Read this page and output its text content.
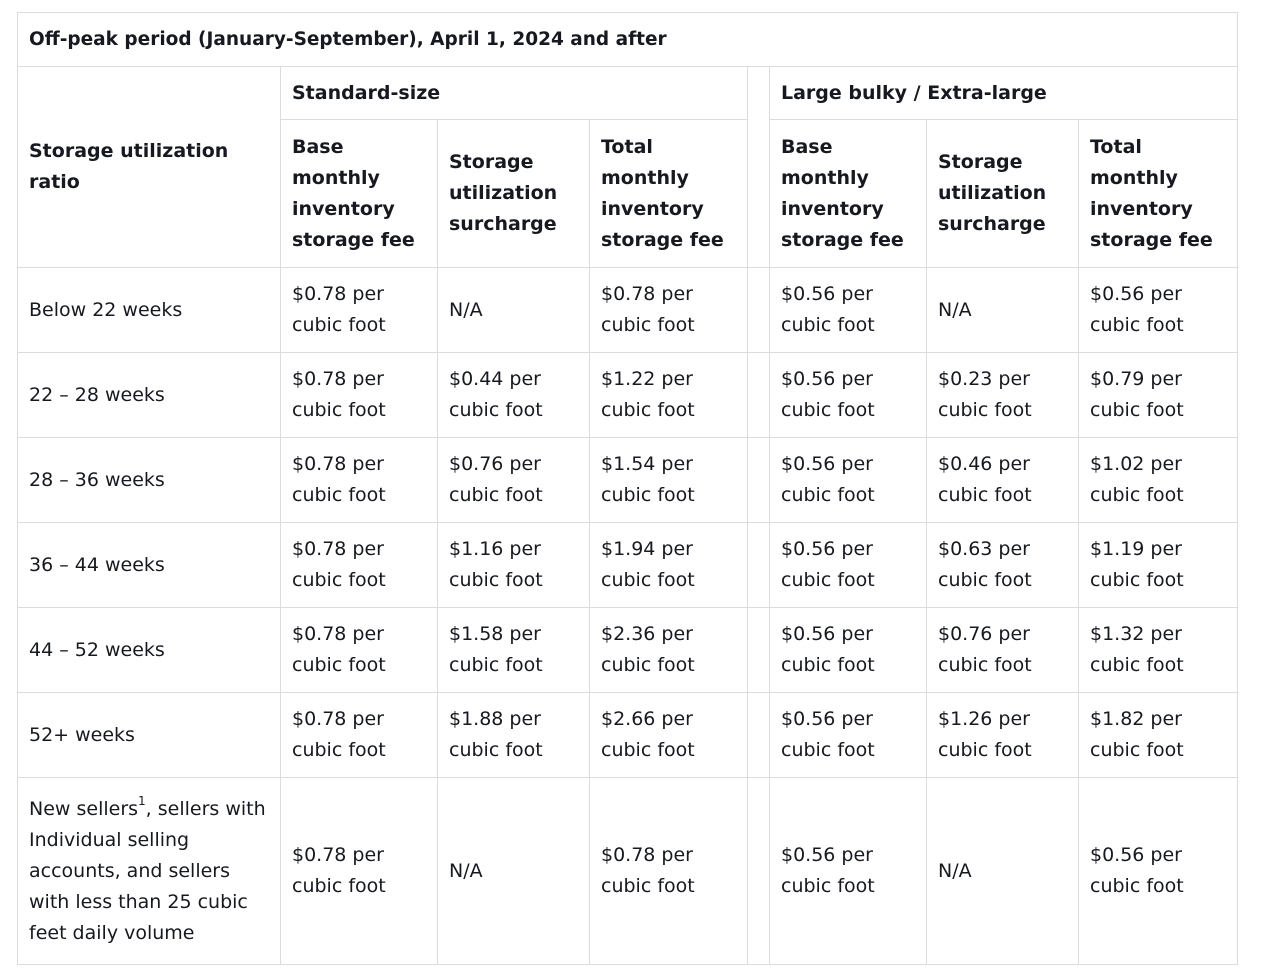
Off-peak period (January-September), April 1, 2024 and after							
Storage utilization ratio	Standard-size				Large bulky / Extra-large		
	Base monthly inventory storage fee	Storage utilization surcharge	Total monthly inventory storage fee		Base monthly inventory storage fee	Storage utilization surcharge	Total monthly inventory storage fee
Below 22 weeks	$0.78 per cubic foot	N/A	$0.78 per cubic foot		$0.56 per cubic foot	N/A	$0.56 per cubic foot
22 – 28 weeks	$0.78 per cubic foot	$0.44 per cubic foot	$1.22 per cubic foot		$0.56 per cubic foot	$0.23 per cubic foot	$0.79 per cubic foot
28 – 36 weeks	$0.78 per cubic foot	$0.76 per cubic foot	$1.54 per cubic foot		$0.56 per cubic foot	$0.46 per cubic foot	$1.02 per cubic foot
36 – 44 weeks	$0.78 per cubic foot	$1.16 per cubic foot	$1.94 per cubic foot		$0.56 per cubic foot	$0.63 per cubic foot	$1.19 per cubic foot
44 – 52 weeks	$0.78 per cubic foot	$1.58 per cubic foot	$2.36 per cubic foot		$0.56 per cubic foot	$0.76 per cubic foot	$1.32 per cubic foot
52+ weeks	$0.78 per cubic foot	$1.88 per cubic foot	$2.66 per cubic foot		$0.56 per cubic foot	$1.26 per cubic foot	$1.82 per cubic foot
New sellers$^1$, sellers with Individual selling accounts, and sellers with less than 25 cubic feet daily volume	$0.78 per cubic foot	N/A	$0.78 per cubic foot		$0.56 per cubic foot	N/A	$0.56 per cubic foot
